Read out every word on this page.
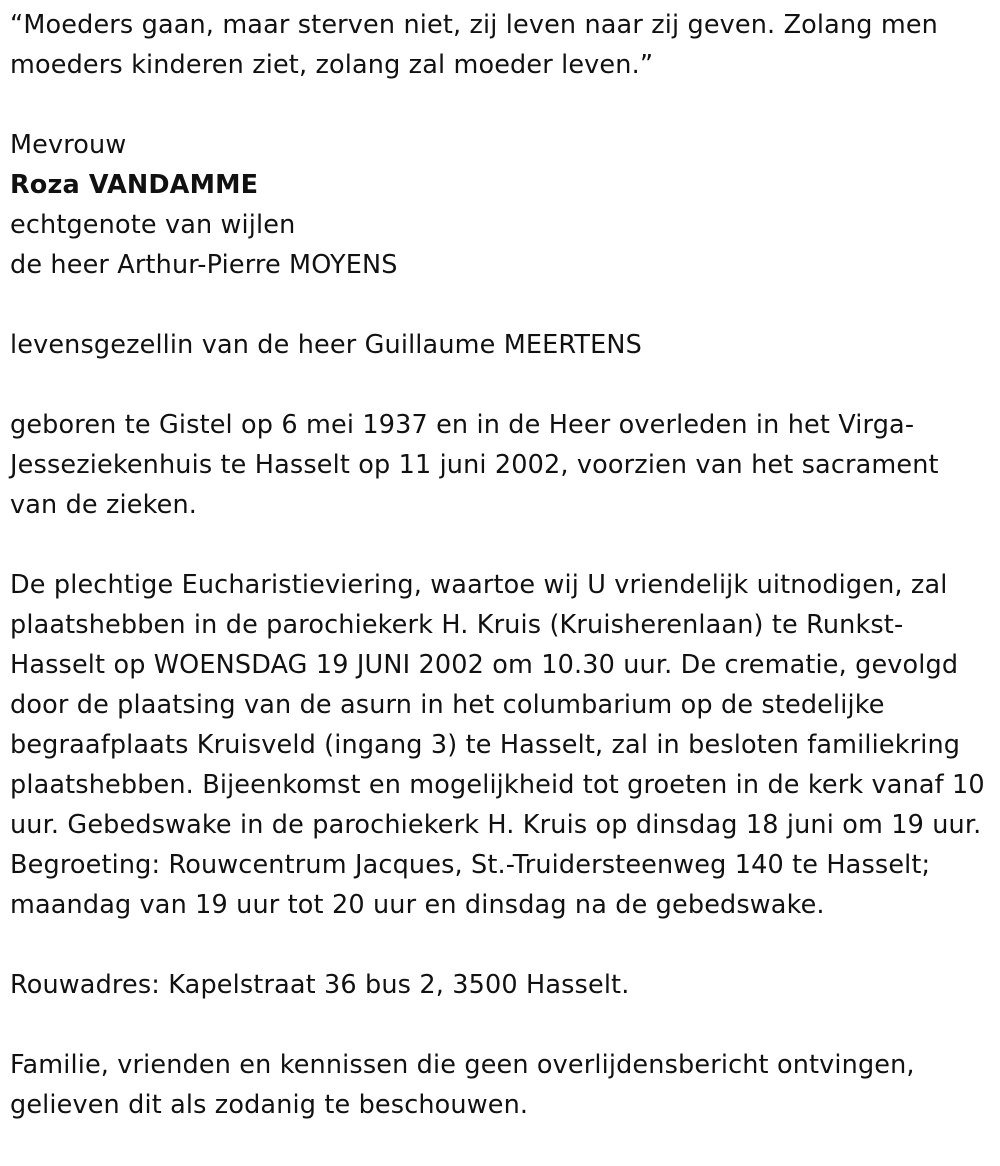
“Moeders gaan, maar sterven niet, zij leven naar zij geven. Zolang men moeders kinderen ziet, zolang zal moeder leven.”

Mevrouw

Roza VANDAMME

echtgenote van wijlen

de heer Arthur-Pierre MOYENS

levensgezellin van de heer Guillaume MEERTENS

geboren te Gistel op 6 mei 1937 en in de Heer overleden in het Virga-Jesseziekenhuis te Hasselt op 11 juni 2002, voorzien van het sacrament van de zieken.

De plechtige Eucharistieviering, waartoe wij U vriendelijk uitnodigen, zal plaatshebben in de parochiekerk H. Kruis (Kruisherenlaan) te Runkst-Hasselt op WOENSDAG 19 JUNI 2002 om 10.30 uur. De crematie, gevolgd door de plaatsing van de asurn in het columbarium op de stedelijke begraafplaats Kruisveld (ingang 3) te Hasselt, zal in besloten familiekring plaatshebben. Bijeenkomst en mogelijkheid tot groeten in de kerk vanaf 10 uur. Gebedswake in de parochiekerk H. Kruis op dinsdag 18 juni om 19 uur. Begroeting: Rouwcentrum Jacques, St.-Truidersteenweg 140 te Hasselt; maandag van 19 uur tot 20 uur en dinsdag na de gebedswake.

Rouwadres: Kapelstraat 36 bus 2, 3500 Hasselt.

Familie, vrienden en kennissen die geen overlijdensbericht ontvingen, gelieven dit als zodanig te beschouwen.
